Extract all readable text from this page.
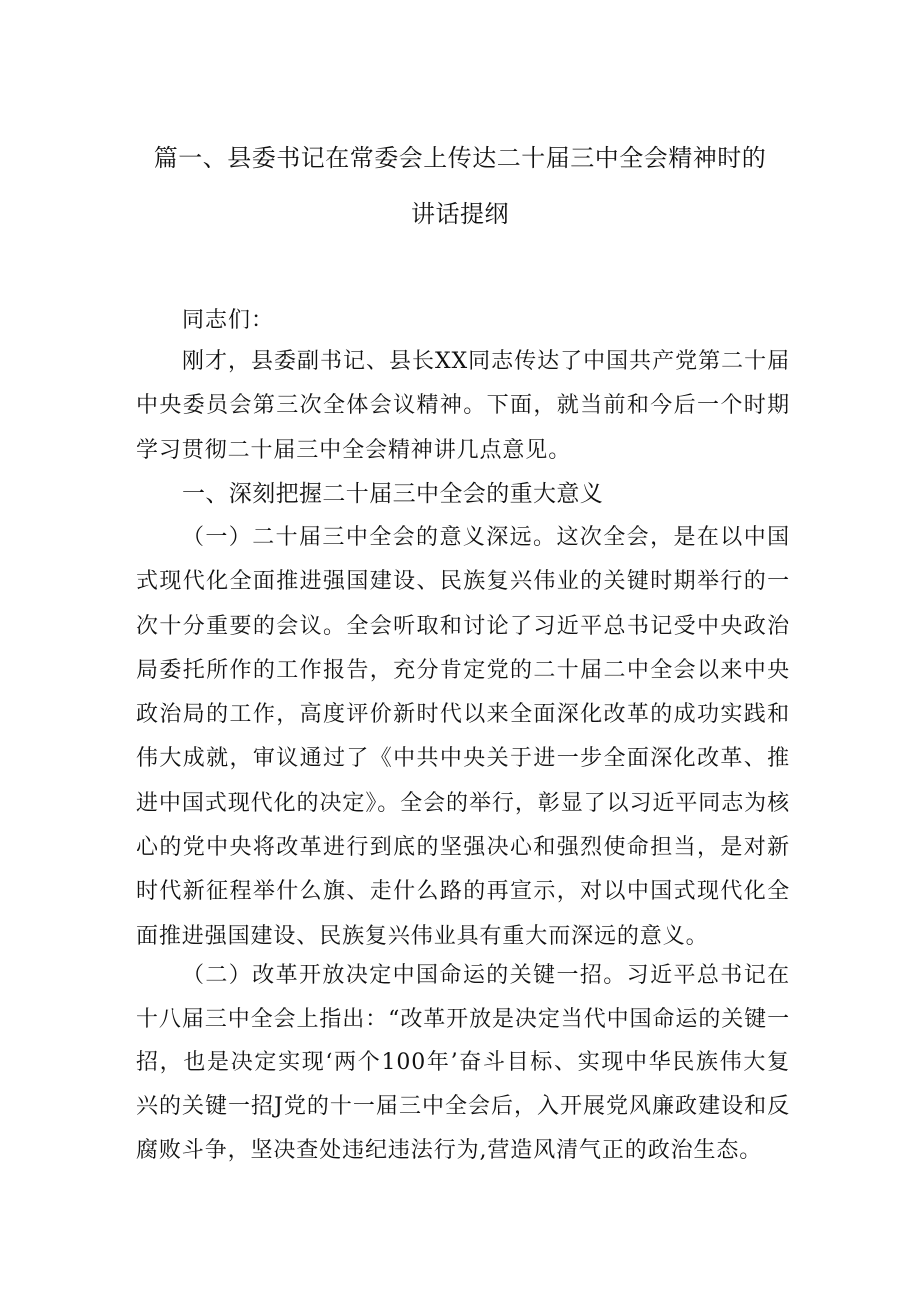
篇一、县委书记在常委会上传达二十届三中全会精神时的
讲话提纲
同志们：

刚才，县委副书记、县长XX同志传达了中国共产党第二十届中央委员会第三次全体会议精神。下面，就当前和今后一个时期学习贯彻二十届三中全会精神讲几点意见。

一、深刻把握二十届三中全会的重大意义

（一）二十届三中全会的意义深远。这次全会，是在以中国式现代化全面推进强国建设、民族复兴伟业的关键时期举行的一次十分重要的会议。全会听取和讨论了习近平总书记受中央政治局委托所作的工作报告，充分肯定党的二十届二中全会以来中央政治局的工作，高度评价新时代以来全面深化改革的成功实践和伟大成就，审议通过了《中共中央关于进一步全面深化改革、推进中国式现代化的决定》。全会的举行，彰显了以习近平同志为核心的党中央将改革进行到底的坚强决心和强烈使命担当，是对新时代新征程举什么旗、走什么路的再宣示，对以中国式现代化全面推进强国建设、民族复兴伟业具有重大而深远的意义。

（二）改革开放决定中国命运的关键一招。习近平总书记在十八届三中全会上指出：“改革开放是决定当代中国命运的关键一招，也是决定实现‘两个100年’奋斗目标、实现中华民族伟大复兴的关键一招J党的十一届三中全会后，入开展党风廉政建设和反腐败斗争，坚决查处违纪违法行为,营造风清气正的政治生态。
